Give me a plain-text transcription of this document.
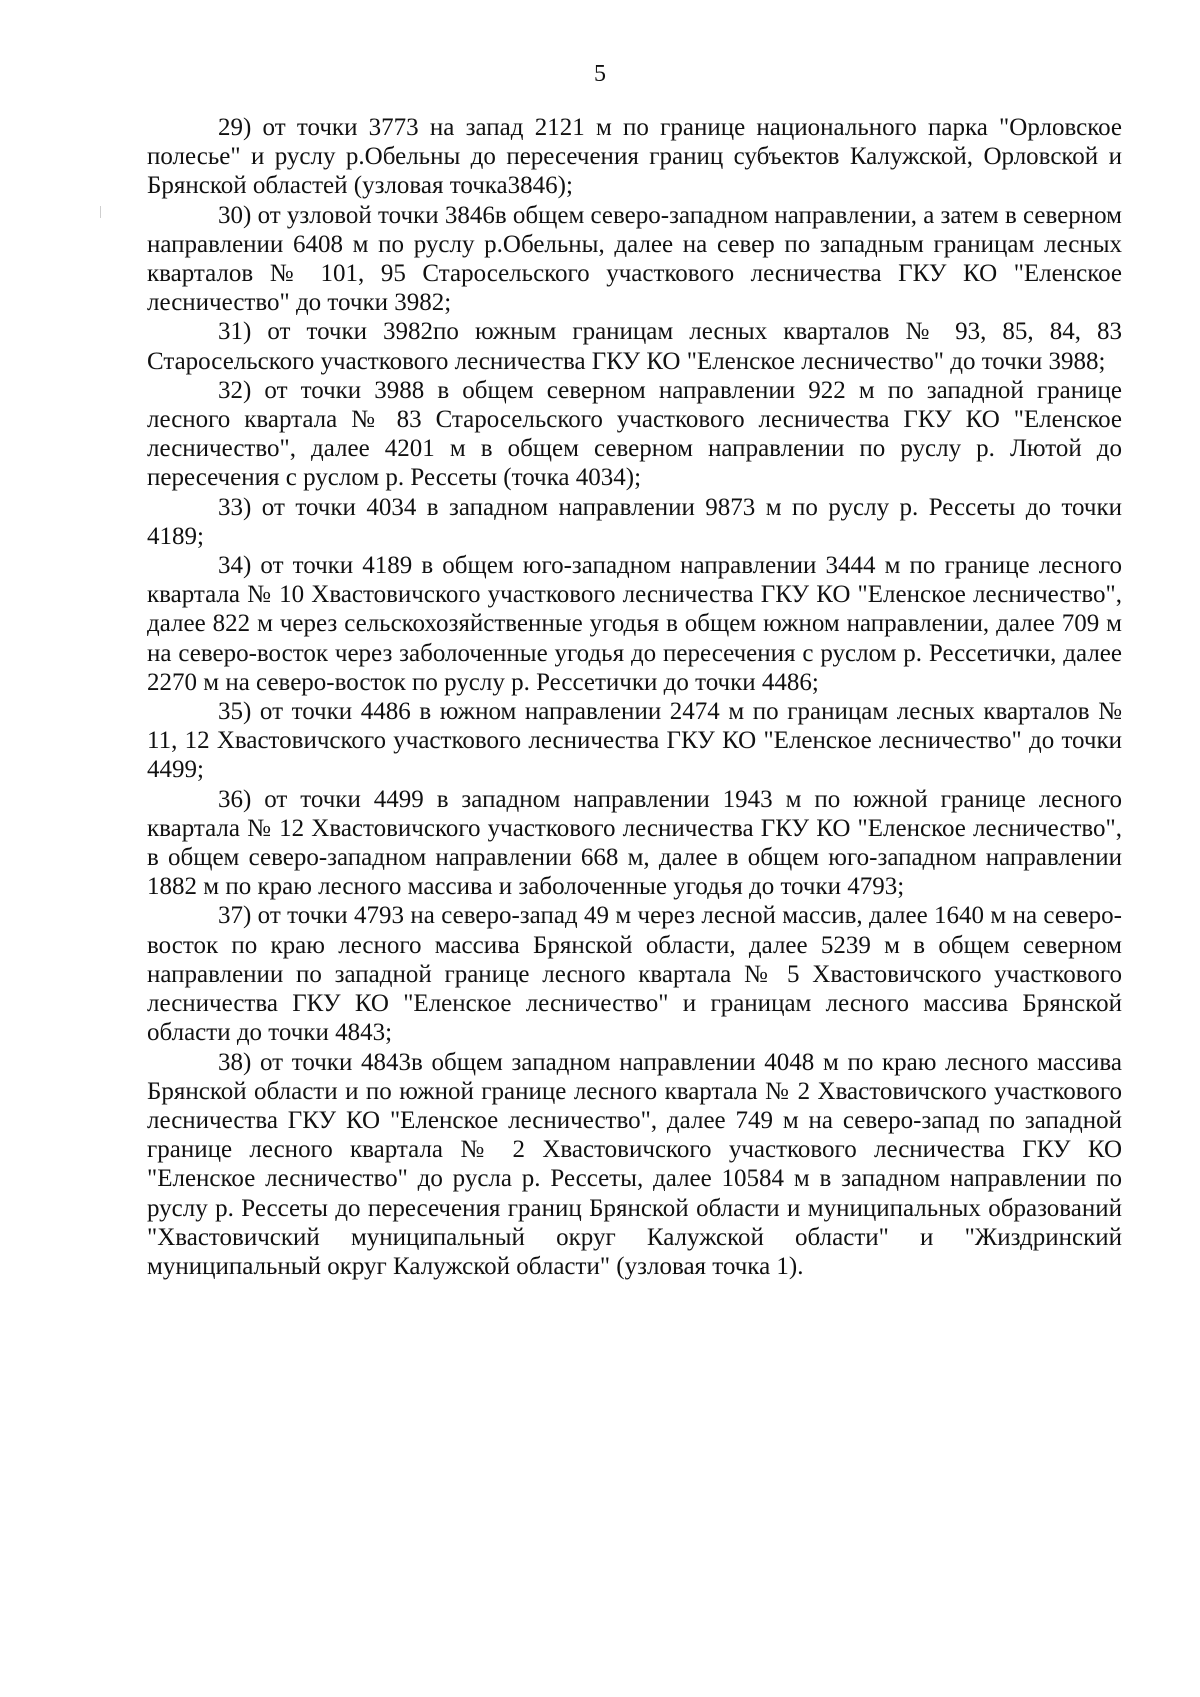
5

29) от точки 3773 на запад 2121 м по границе национального парка "Орловское полесье" и руслу р.Обельны до пересечения границ субъектов Калужской, Орловской и Брянской областей (узловая точка3846);

30) от узловой точки 3846в общем северо-западном направлении, а затем в северном направлении 6408 м по руслу р.Обельны, далее на север по западным границам лесных кварталов № 101, 95 Старосельского участкового лесничества ГКУ КО "Еленское лесничество" до точки 3982;

31) от точки 3982по южным границам лесных кварталов № 93, 85, 84, 83 Старосельского участкового лесничества ГКУ КО "Еленское лесничество" до точки 3988;

32) от точки 3988 в общем северном направлении 922 м по западной границе лесного квартала № 83 Старосельского участкового лесничества ГКУ КО "Еленское лесничество", далее 4201 м в общем северном направлении по руслу р. Лютой до пересечения с руслом р. Рессеты (точка 4034);

33) от точки 4034 в западном направлении 9873 м по руслу р. Рессеты до точки 4189;

34) от точки 4189 в общем юго-западном направлении 3444 м по границе лесного квартала № 10 Хвастовичского участкового лесничества ГКУ КО "Еленское лесничество", далее 822 м через сельскохозяйственные угодья в общем южном направлении, далее 709 м на северо-восток через заболоченные угодья до пересечения с руслом р. Рессетички, далее 2270 м на северо-восток по руслу р. Рессетички до точки 4486;

35) от точки 4486 в южном направлении 2474 м по границам лесных кварталов № 11, 12 Хвастовичского участкового лесничества ГКУ КО "Еленское лесничество" до точки 4499;

36) от точки 4499 в западном направлении 1943 м по южной границе лесного квартала № 12 Хвастовичского участкового лесничества ГКУ КО "Еленское лесничество", в общем северо-западном направлении 668 м, далее в общем юго-западном направлении 1882 м по краю лесного массива и заболоченные угодья до точки 4793;

37) от точки 4793 на северо-запад 49 м через лесной массив, далее 1640 м на северо-восток по краю лесного массива Брянской области, далее 5239 м в общем северном направлении по западной границе лесного квартала № 5 Хвастовичского участкового лесничества ГКУ КО "Еленское лесничество" и границам лесного массива Брянской области до точки 4843;

38) от точки 4843в общем западном направлении 4048 м по краю лесного массива Брянской области и по южной границе лесного квартала № 2 Хвастовичского участкового лесничества ГКУ КО "Еленское лесничество", далее 749 м на северо-запад по западной границе лесного квартала № 2 Хвастовичского участкового лесничества ГКУ КО "Еленское лесничество" до русла р. Рессеты, далее 10584 м в западном направлении по руслу р. Рессеты до пересечения границ Брянской области и муниципальных образований "Хвастовичский муниципальный округ Калужской области" и "Жиздринский муниципальный округ Калужской области" (узловая точка 1).
